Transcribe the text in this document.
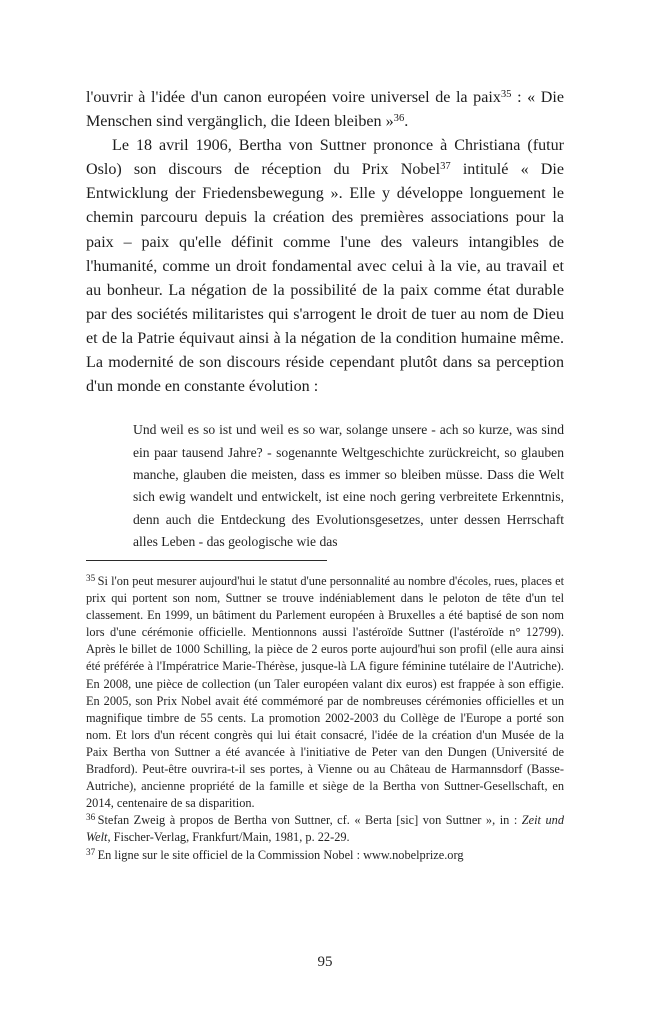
l'ouvrir à l'idée d'un canon européen voire universel de la paix$^{35}$ : « Die Menschen sind vergänglich, die Ideen bleiben »$^{36}$.

Le 18 avril 1906, Bertha von Suttner prononce à Christiana (futur Oslo) son discours de réception du Prix Nobel$^{37}$ intitulé « Die Entwicklung der Friedensbewegung ». Elle y développe longuement le chemin parcouru depuis la création des premières associations pour la paix – paix qu'elle définit comme l'une des valeurs intangibles de l'humanité, comme un droit fondamental avec celui à la vie, au travail et au bonheur. La négation de la possibilité de la paix comme état durable par des sociétés militaristes qui s'arrogent le droit de tuer au nom de Dieu et de la Patrie équivaut ainsi à la négation de la condition humaine même. La modernité de son discours réside cependant plutôt dans sa perception d'un monde en constante évolution :

Und weil es so ist und weil es so war, solange unsere - ach so kurze, was sind ein paar tausend Jahre? - sogenannte Weltgeschichte zurückreicht, so glauben manche, glauben die meisten, dass es immer so bleiben müsse. Dass die Welt sich ewig wandelt und entwickelt, ist eine noch gering verbreitete Erkenntnis, denn auch die Entdeckung des Evolutionsgesetzes, unter dessen Herrschaft alles Leben - das geologische wie das

$^{35}$ Si l'on peut mesurer aujourd'hui le statut d'une personnalité au nombre d'écoles, rues, places et prix qui portent son nom, Suttner se trouve indéniablement dans le peloton de tête d'un tel classement. En 1999, un bâtiment du Parlement européen à Bruxelles a été baptisé de son nom lors d'une cérémonie officielle. Mentionnons aussi l'astéroïde Suttner (l'astéroïde n° 12799). Après le billet de 1000 Schilling, la pièce de 2 euros porte aujourd'hui son profil (elle aura ainsi été préférée à l'Impératrice Marie-Thérèse, jusque-là LA figure féminine tutélaire de l'Autriche). En 2008, une pièce de collection (un Taler européen valant dix euros) est frappée à son effigie. En 2005, son Prix Nobel avait été commémoré par de nombreuses cérémonies officielles et un magnifique timbre de 55 cents. La promotion 2002-2003 du Collège de l'Europe a porté son nom. Et lors d'un récent congrès qui lui était consacré, l'idée de la création d'un Musée de la Paix Bertha von Suttner a été avancée à l'initiative de Peter van den Dungen (Université de Bradford). Peut-être ouvrira-t-il ses portes, à Vienne ou au Château de Harmannsdorf (Basse-Autriche), ancienne propriété de la famille et siège de la Bertha von Suttner-Gesellschaft, en 2014, centenaire de sa disparition.

$^{36}$ Stefan Zweig à propos de Bertha von Suttner, cf. « Berta [sic] von Suttner », in : Zeit und Welt, Fischer-Verlag, Frankfurt/Main, 1981, p. 22-29.

$^{37}$ En ligne sur le site officiel de la Commission Nobel : www.nobelprize.org

95
